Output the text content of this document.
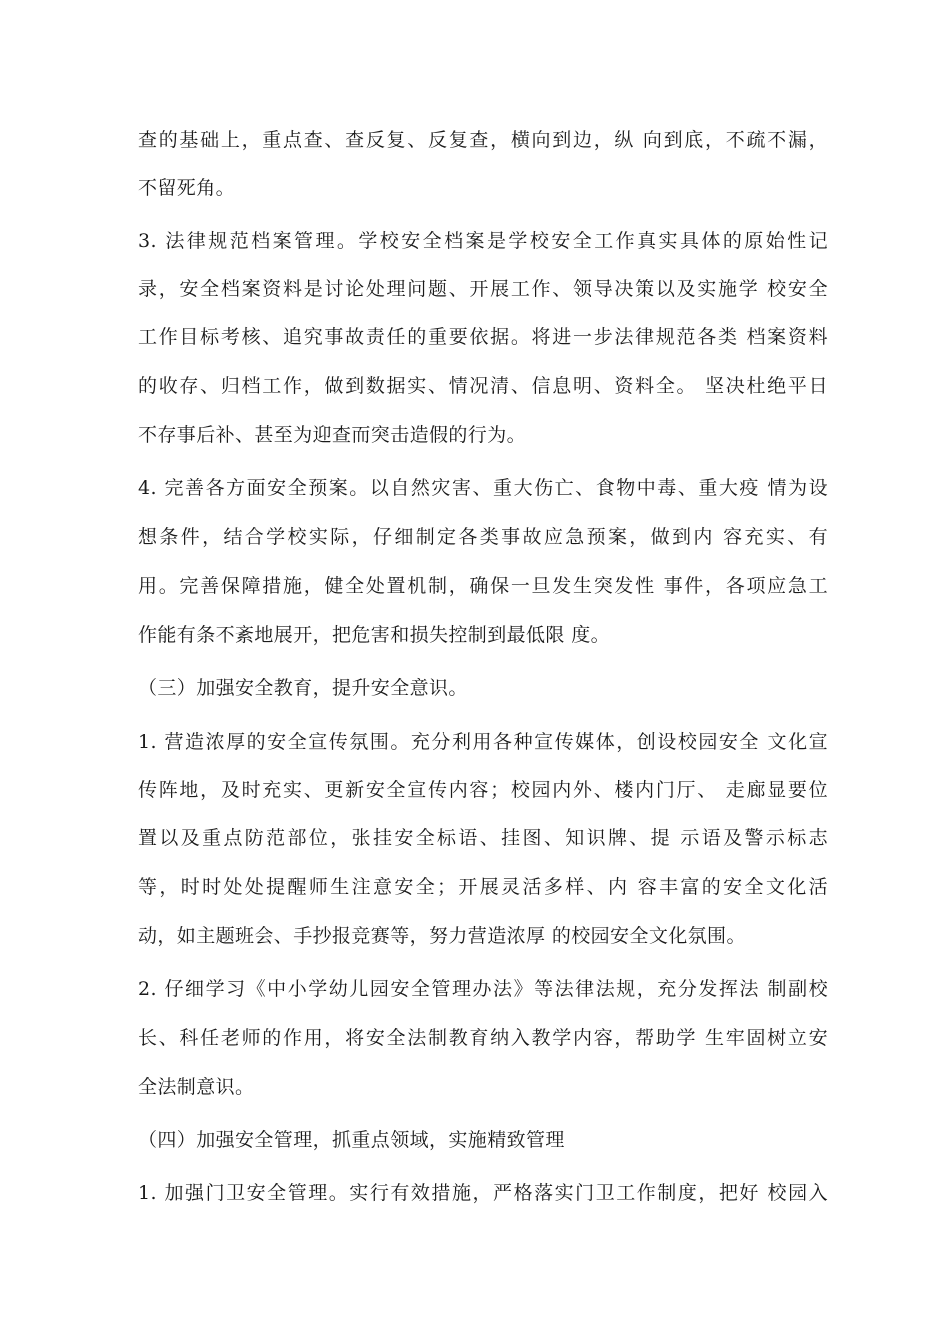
查的基础上，重点查、查反复、反复查，横向到边，纵 向到底，不疏不漏，
不留死角。
3. 法律规范档案管理。学校安全档案是学校安全工作真实具体的原始性记
录，安全档案资料是讨论处理问题、开展工作、领导决策以及实施学 校安全
工作目标考核、追究事故责任的重要依据。将进一步法律规范各类 档案资料
的收存、归档工作，做到数据实、情况清、信息明、资料全。 坚决杜绝平日
不存事后补、甚至为迎查而突击造假的行为。
4. 完善各方面安全预案。以自然灾害、重大伤亡、食物中毒、重大疫 情为设
想条件，结合学校实际，仔细制定各类事故应急预案，做到内 容充实、有
用。完善保障措施，健全处置机制，确保一旦发生突发性 事件，各项应急工
作能有条不紊地展开，把危害和损失控制到最低限 度。
（三）加强安全教育，提升安全意识。
1. 营造浓厚的安全宣传氛围。充分利用各种宣传媒体，创设校园安全 文化宣
传阵地，及时充实、更新安全宣传内容；校园内外、楼内门厅、 走廊显要位
置以及重点防范部位，张挂安全标语、挂图、知识牌、提 示语及警示标志
等，时时处处提醒师生注意安全；开展灵活多样、内 容丰富的安全文化活
动，如主题班会、手抄报竞赛等，努力营造浓厚 的校园安全文化氛围。
2. 仔细学习《中小学幼儿园安全管理办法》等法律法规，充分发挥法 制副校
长、科任老师的作用，将安全法制教育纳入教学内容，帮助学 生牢固树立安
全法制意识。
（四）加强安全管理，抓重点领域，实施精致管理
1. 加强门卫安全管理。实行有效措施，严格落实门卫工作制度，把好 校园入
